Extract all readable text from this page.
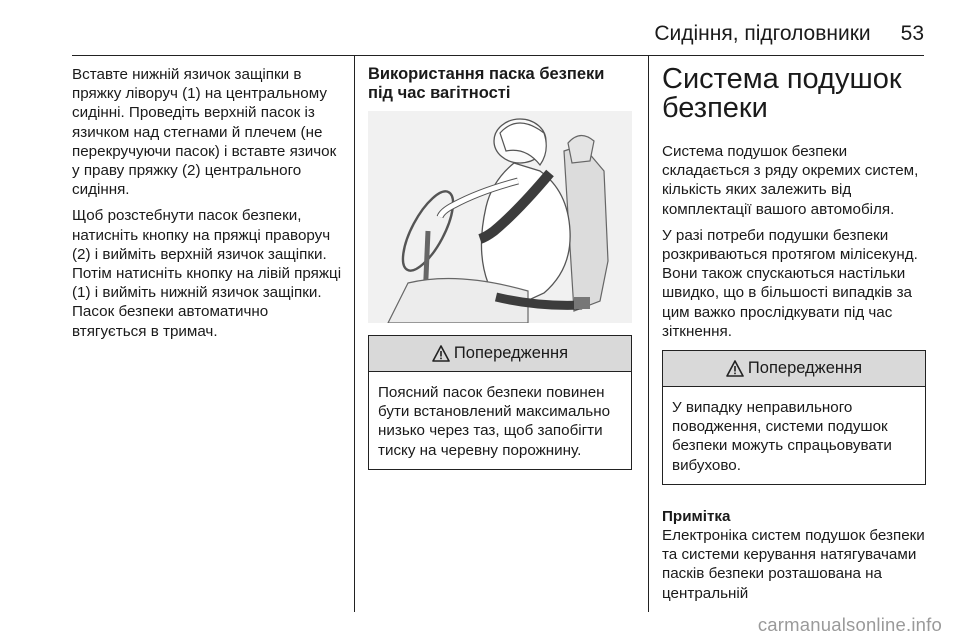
Сидіння, підголовники 53

Вставте нижній язичок защіпки в пряжку ліворуч (1) на центральному сидінні. Проведіть верхній пасок із язичком над стегнами й плечем (не перекручуючи пасок) і вставте язичок у праву пряжку (2) центрального сидіння.

Щоб розстебнути пасок безпеки, натисніть кнопку на пряжці праворуч (2) і вийміть верхній язичок защіпки. Потім натисніть кнопку на лівій пряжці (1) і вийміть нижній язичок защіпки. Пасок безпеки автоматично втягується в тримач.

Використання паска безпеки під час вагітності
Попередження
Поясний пасок безпеки повинен бути встановлений максимально низько через таз, щоб запобігти тиску на черевну порожнину.
Система подушок безпеки

Система подушок безпеки складається з ряду окремих систем, кількість яких залежить від комплектації вашого автомобіля.

У разі потреби подушки безпеки розкриваються протягом мілісекунд. Вони також спускаються настільки швидко, що в більшості випадків за цим важко прослідкувати під час зіткнення.

Попередження
У випадку неправильного поводження, системи подушок безпеки можуть спрацьовувати вибухово.
Примітка
Електроніка систем подушок безпеки та системи керування натягувачами пасків безпеки розташована на центральній
carmanualsonline.info
